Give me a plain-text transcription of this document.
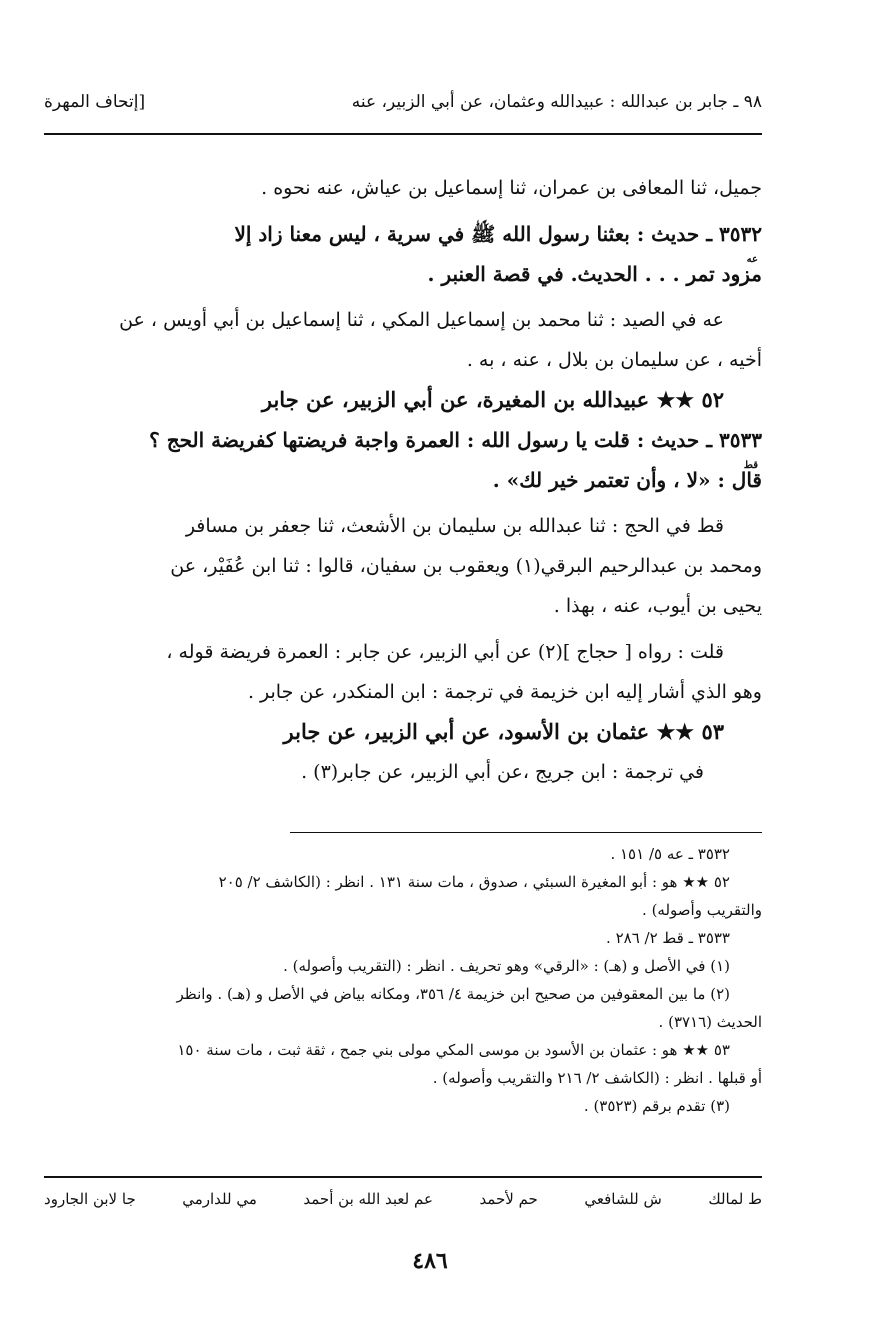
٩٨ ـ جابر بن عبدالله : عبيدالله وعثمان، عن أبي الزبير، عنه
[إتحاف المهرة

جميل، ثنا المعافى بن عمران، ثنا إسماعيل بن عياش، عنه نحوه .

٣٥٣٢ ـ حديث : بعثنا رسول الله ﷺ في سرية ، ليس معنا زاد إلا
عه

مزود تمر . . . الحديث. في قصة العنبر .

عه في الصيد : ثنا محمد بن إسماعيل المكي ، ثنا إسماعيل بن أبي أويس ، عن

أخيه ، عن سليمان بن بلال ، عنه ، به .

٥٢ ★★ عبيدالله بن المغيرة، عن أبي الزبير، عن جابر

٣٥٣٣ ـ حديث : قلت يا رسول الله : العمرة واجبة فريضتها كفريضة الحج ؟
قط

قال : «لا ، وأن تعتمر خير لك» .

قط في الحج : ثنا عبدالله بن سليمان بن الأشعث، ثنا جعفر بن مسافر

ومحمد بن عبدالرحيم البرقي(١) ويعقوب بن سفيان، قالوا : ثنا ابن عُفَيْر، عن

يحيى بن أيوب، عنه ، بهذا .

قلت : رواه [ حجاج ](٢) عن أبي الزبير، عن جابر : العمرة فريضة قوله ،

وهو الذي أشار إليه ابن خزيمة في ترجمة : ابن المنكدر، عن جابر .

٥٣ ★★ عثمان بن الأسود، عن أبي الزبير، عن جابر

في ترجمة : ابن جريج ،عن أبي الزبير، عن جابر(٣) .

٣٥٣٢ ـ عه ٥/ ١٥١ .

٥٢ ★★ هو : أبو المغيرة السبئي ، صدوق ، مات سنة ١٣١ . انظر : (الكاشف ٢/ ٢٠٥

والتقريب وأصوله) .

٣٥٣٣ ـ قط ٢/ ٢٨٦ .

(١) في الأصل و (هـ) : «الرقي» وهو تحريف . انظر : (التقريب وأصوله) .

(٢) ما بين المعقوفين من صحيح ابن خزيمة ٤/ ٣٥٦، ومكانه بياض في الأصل و (هـ) . وانظر

الحديث (٣٧١٦) .

٥٣ ★★ هو : عثمان بن الأسود بن موسى المكي مولى بني جمح ، ثقة ثبت ، مات سنة ١٥٠

أو قبلها . انظر : (الكاشف ٢/ ٢١٦ والتقريب وأصوله) .

(٣) تقدم برقم (٣٥٢٣) .

ط لمالك
ش للشافعي
حم لأحمد
عم لعبد الله بن أحمد
مي للدارمي
جا لابن الجارود
٤٨٦
